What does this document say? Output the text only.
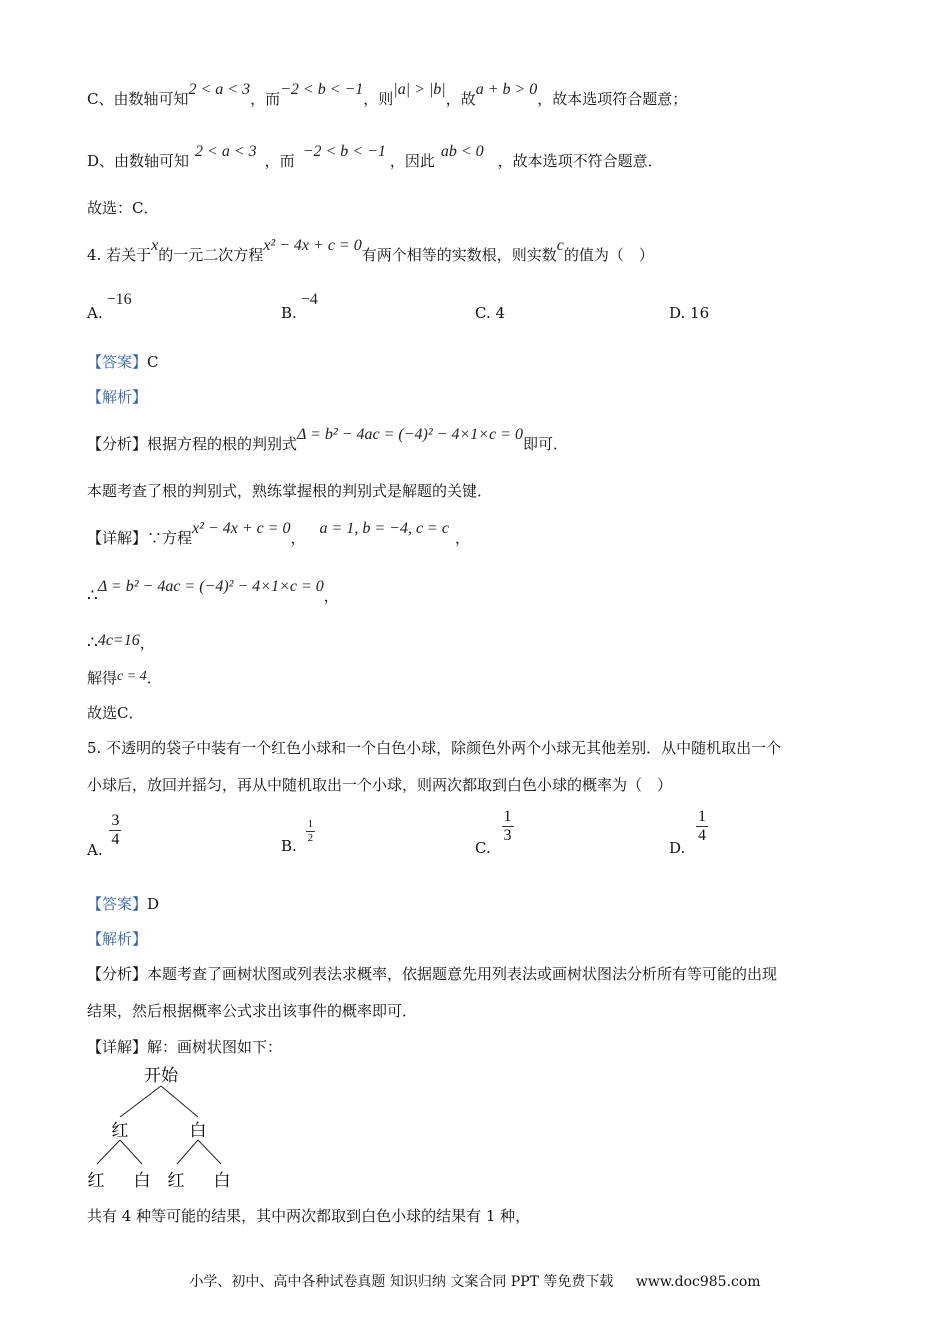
C、由数轴可知2 < a < 3，而−2 < b < −1，则|a| > |b|，故a + b > 0，故本选项符合题意；
D、由数轴可知2 < a < 3，而−2 < b < −1，因此ab < 0，故本选项不符合题意．
故选：C．
4. 若关于x的一元二次方程x² − 4x + c = 0有两个相等的实数根，则实数c的值为（　）
A.−16
B.−4
C. 4	D. 16
【答案】C
【解析】
【分析】根据方程的根的判别式Δ = b² − 4ac = (−4)² − 4×1×c = 0即可．
本题考查了根的判别式，熟练掌握根的判别式是解题的关键．
【详解】∵方程x² − 4x + c = 0，a = 1, b = −4, c = c，
∴Δ = b² − 4ac = (−4)² − 4×1×c = 0，
∴4c=16，
解得c = 4．
故选C．
5. 不透明的袋子中装有一个红色小球和一个白色小球，除颜色外两个小球无其他差别．从中随机取出一个
小球后，放回并摇匀，再从中随机取出一个小球，则两次都取到白色小球的概率为（　）
A.
$\frac{3}{4}$	B.
$\frac{1}{2}$
C.
$\frac{1}{3}$
D.
$\frac{1}{4}$
【答案】D
【解析】
【分析】本题考查了画树状图或列表法求概率，依据题意先用列表法或画树状图法分析所有等可能的出现
结果，然后根据概率公式求出该事件的概率即可．
【详解】解：画树状图如下：
开始
红	白
红 白 红 白
共有 4 种等可能的结果，其中两次都取到白色小球的结果有 1 种，
小学、初中、高中各种试卷真题 知识归纳 文案合同 PPT 等免费下载 www.doc985.com
